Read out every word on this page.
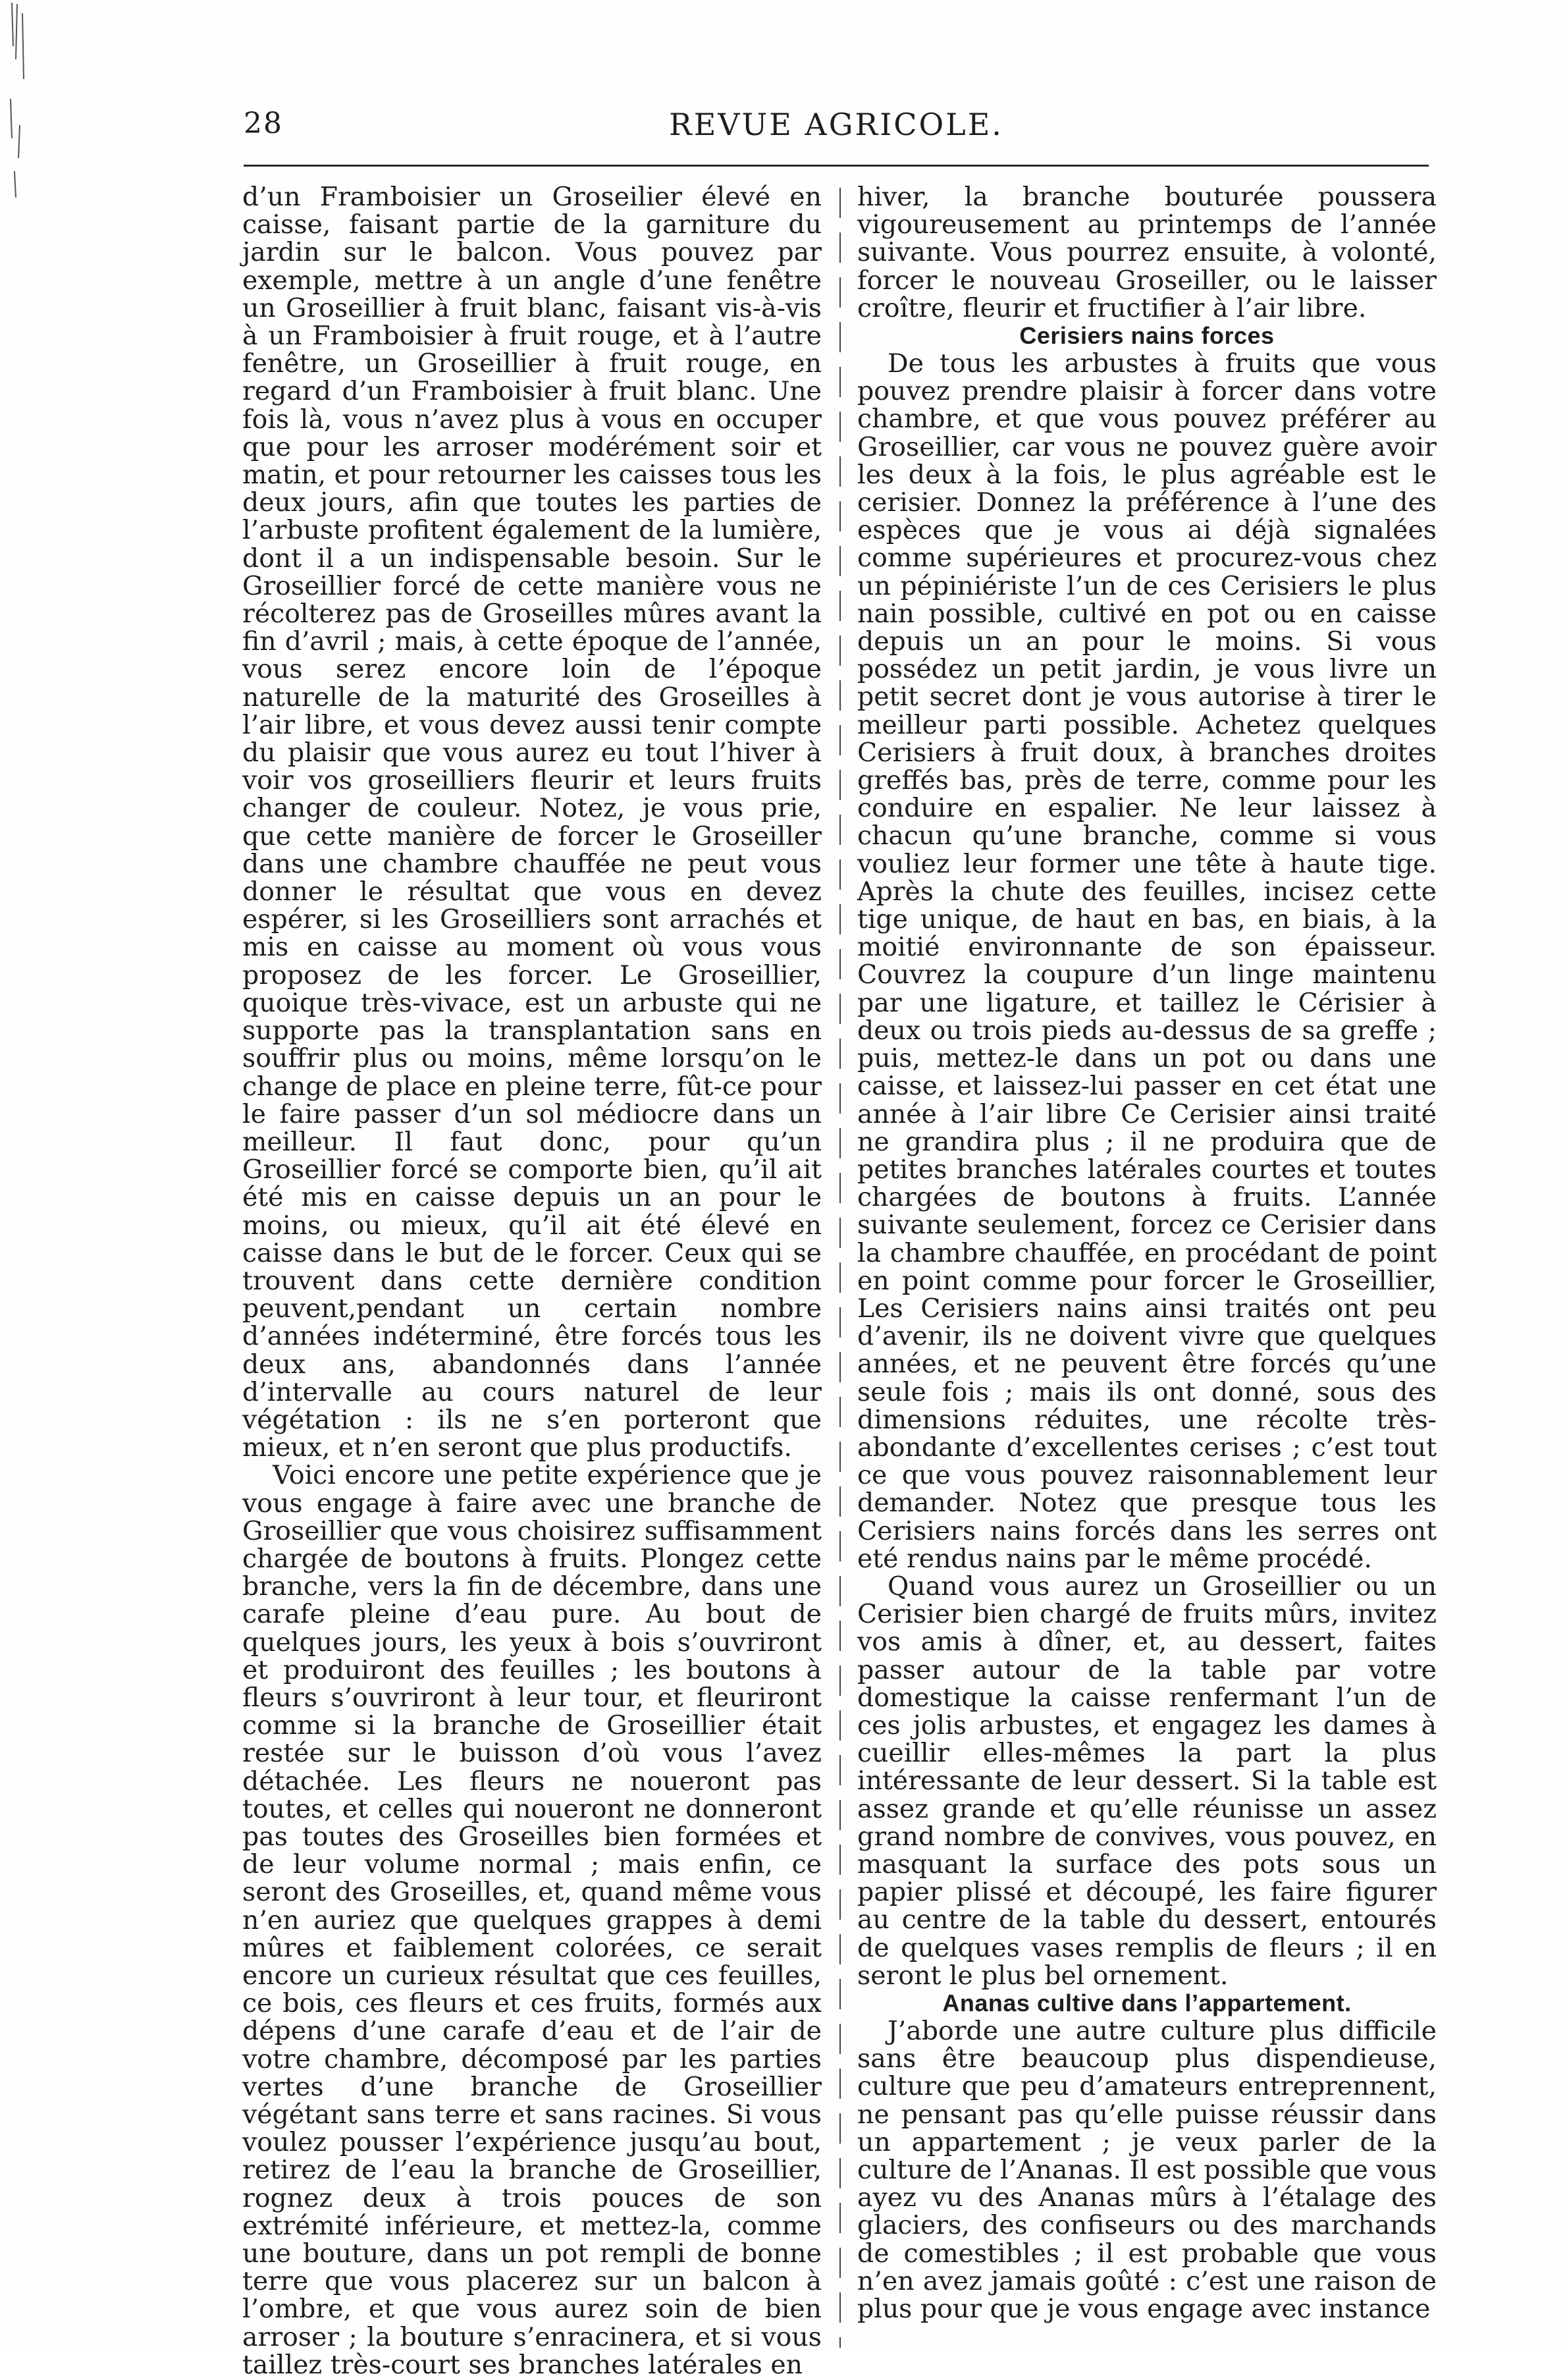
28	REVUE AGRICOLE.

d’un Framboisier un Groseilier élevé en caisse, faisant partie de la garniture du jardin sur le balcon. Vous pouvez par exemple, mettre à un angle d’une fenêtre un Groseillier à fruit blanc, faisant vis-à-vis à un Framboisier à fruit rouge, et à l’autre fenêtre, un Groseillier à fruit rouge, en regard d’un Framboisier à fruit blanc. Une fois là, vous n’avez plus à vous en occuper que pour les arroser modérément soir et matin, et pour retourner les caisses tous les deux jours, afin que toutes les parties de l’arbuste profitent également de la lumière, dont il a un indispensable besoin. Sur le Groseillier forcé de cette manière vous ne récolterez pas de Groseilles mûres avant la fin d’avril ; mais, à cette époque de l’année, vous serez encore loin de l’époque naturelle de la maturité des Groseilles à l’air libre, et vous devez aussi tenir compte du plaisir que vous aurez eu tout l’hiver à voir vos groseilliers fleurir et leurs fruits changer de couleur. Notez, je vous prie, que cette manière de forcer le Groseiller dans une chambre chauffée ne peut vous donner le résultat que vous en devez espérer, si les Groseilliers sont arrachés et mis en caisse au moment où vous vous proposez de les forcer. Le Groseillier, quoique très-vivace, est un arbuste qui ne supporte pas la transplantation sans en souffrir plus ou moins, même lorsqu’on le change de place en pleine terre, fût-ce pour le faire passer d’un sol médiocre dans un meilleur. Il faut donc, pour qu’un Groseillier forcé se comporte bien, qu’il ait été mis en caisse depuis un an pour le moins, ou mieux, qu’il ait été élevé en caisse dans le but de le forcer. Ceux qui se trouvent dans cette dernière condition peuvent,pendant un certain nombre d’années indéterminé, être forcés tous les deux ans, abandonnés dans l’année d’intervalle au cours naturel de leur végétation : ils ne s’en porteront que mieux, et n’en seront que plus productifs.

Voici encore une petite expérience que je vous engage à faire avec une branche de Groseillier que vous choisirez suffisamment chargée de boutons à fruits. Plongez cette branche, vers la fin de décembre, dans une carafe pleine d’eau pure. Au bout de quelques jours, les yeux à bois s’ouvriront et produiront des feuilles ; les boutons à fleurs s’ouvriront à leur tour, et fleuriront comme si la branche de Groseillier était restée sur le buisson d’où vous l’avez détachée. Les fleurs ne noueront pas toutes, et celles qui noueront ne donneront pas toutes des Groseilles bien formées et de leur volume normal ; mais enfin, ce seront des Groseilles, et, quand même vous n’en auriez que quelques grappes à demi mûres et faiblement colorées, ce serait encore un curieux résultat que ces feuilles, ce bois, ces fleurs et ces fruits, formés aux dépens d’une carafe d’eau et de l’air de votre chambre, décomposé par les parties vertes d’une branche de Groseillier végétant sans terre et sans racines. Si vous voulez pousser l’expérience jusqu’au bout, retirez de l’eau la branche de Groseillier, rognez deux à trois pouces de son extrémité inférieure, et mettez-la, comme une bouture, dans un pot rempli de bonne terre que vous placerez sur un balcon à l’ombre, et que vous aurez soin de bien arroser ; la bouture s’enracinera, et si vous taillez très-court ses branches latérales en

hiver, la branche bouturée poussera vigoureusement au printemps de l’année suivante. Vous pourrez ensuite, à volonté, forcer le nouveau Groseiller, ou le laisser croître, fleurir et fructifier à l’air libre.

Cerisiers nains forces

De tous les arbustes à fruits que vous pouvez prendre plaisir à forcer dans votre chambre, et que vous pouvez préférer au Groseillier, car vous ne pouvez guère avoir les deux à la fois, le plus agréable est le cerisier. Donnez la préférence à l’une des espèces que je vous ai déjà signalées comme supérieures et procurez-vous chez un pépiniériste l’un de ces Cerisiers le plus nain possible, cultivé en pot ou en caisse depuis un an pour le moins. Si vous possédez un petit jardin, je vous livre un petit secret dont je vous autorise à tirer le meilleur parti possible. Achetez quelques Cerisiers à fruit doux, à branches droites greffés bas, près de terre, comme pour les conduire en espalier. Ne leur laissez à chacun qu’une branche, comme si vous vouliez leur former une tête à haute tige. Après la chute des feuilles, incisez cette tige unique, de haut en bas, en biais, à la moitié environnante de son épaisseur. Couvrez la coupure d’un linge maintenu par une ligature, et taillez le Cérisier à deux ou trois pieds au-dessus de sa greffe ; puis, mettez-le dans un pot ou dans une caisse, et laissez-lui passer en cet état une année à l’air libre Ce Cerisier ainsi traité ne grandira plus ; il ne produira que de petites branches latérales courtes et toutes chargées de boutons à fruits. L’année suivante seulement, forcez ce Cerisier dans la chambre chauffée, en procédant de point en point comme pour forcer le Groseillier, Les Cerisiers nains ainsi traités ont peu d’avenir, ils ne doivent vivre que quelques années, et ne peuvent être forcés qu’une seule fois ; mais ils ont donné, sous des dimensions réduites, une récolte très-abondante d’excellentes cerises ; c’est tout ce que vous pouvez raisonnablement leur demander. Notez que presque tous les Cerisiers nains forcés dans les serres ont eté rendus nains par le même procédé.

Quand vous aurez un Groseillier ou un Cerisier bien chargé de fruits mûrs, invitez vos amis à dîner, et, au dessert, faites passer autour de la table par votre domestique la caisse renfermant l’un de ces jolis arbustes, et engagez les dames à cueillir elles-mêmes la part la plus intéressante de leur dessert. Si la table est assez grande et qu’elle réunisse un assez grand nombre de convives, vous pouvez, en masquant la surface des pots sous un papier plissé et découpé, les faire figurer au centre de la table du dessert, entourés de quelques vases remplis de fleurs ; il en seront le plus bel ornement.

Ananas cultive dans l’appartement.

J’aborde une autre culture plus difficile sans être beaucoup plus dispendieuse, culture que peu d’amateurs entreprennent, ne pensant pas qu’elle puisse réussir dans un appartement ; je veux parler de la culture de l’Ananas. Il est possible que vous ayez vu des Ananas mûrs à l’étalage des glaciers, des confiseurs ou des marchands de comestibles ; il est probable que vous n’en avez jamais goûté : c’est une raison de plus pour que je vous engage avec instance
